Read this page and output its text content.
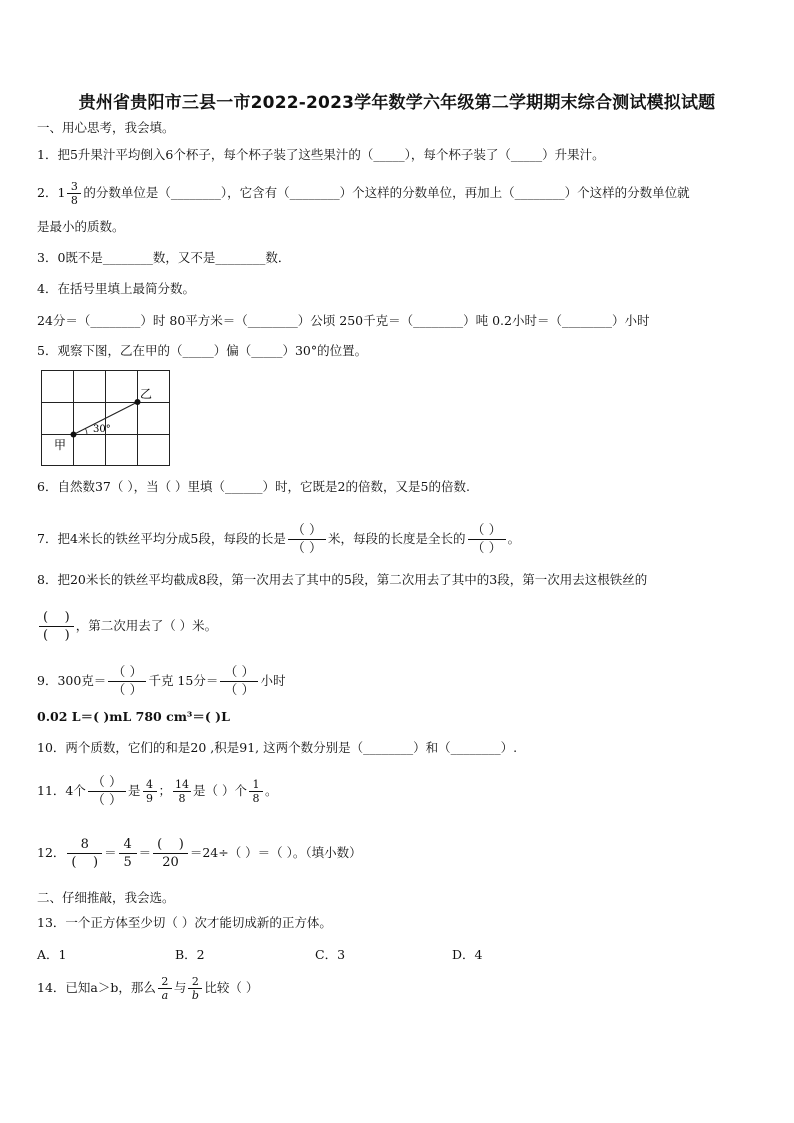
贵州省贵阳市三县一市2022-2023学年数学六年级第二学期期末综合测试模拟试题
一、用心思考，我会填。
1．把5升果汁平均倒入6个杯子，每个杯子装了这些果汁的（_____），每个杯子装了（_____）升果汁。
2．$1 \frac{3}{8}$ 的分数单位是（________），它含有（________）个这样的分数单位，再加上（________）个这样的分数单位就
是最小的质数。
3．0既不是________数，又不是________数．
4．在括号里填上最简分数。
24分＝（________）时 80平方米＝（________）公顷 250千克＝（________）吨 0.2小时＝（________）小时
5．观察下图，乙在甲的（_____）偏（_____）30°的位置。
乙
甲
30°
6．自然数37（ ），当（ ）里填（______）时，它既是2的倍数，又是5的倍数.
7．把4米长的铁丝平均分成5段，每段的长是 $\frac{( )}{( )}$ 米，每段的长度是全长的 $\frac{( )}{( )}$ 。
8．把20米长的铁丝平均截成8段，第一次用去了其中的5段，第二次用去了其中的3段，第一次用去这根铁丝的
$\frac{( )}{( )}$ ，第二次用去了（ ）米。
9．300克＝ $\frac{( )}{( )}$ 千克 15分＝ $\frac{( )}{( )}$ 小时
0.02 L＝( )mL 780 cm³＝( )L
10．两个质数，它们的和是20 ,积是91, 这两个数分别是（________）和（________）.
11．4个 $\frac{( )}{( )}$ 是 $\frac{4}{9}$ ； $\frac{14}{8}$ 是（ ）个 $\frac{1}{8}$ 。
12． $\frac{8}{( )} = \frac{4}{5} = \frac{( )}{20} =24\div$（ ）＝（ ）。（填小数）
二、仔细推敲，我会选。
13．一个正方体至少切（ ）次才能切成新的正方体。
A．1	B．2	C．3	D．4
14．已知a＞b，那么 $\frac{2}{a}$ 与 $\frac{2}{b}$ 比较（ ）
